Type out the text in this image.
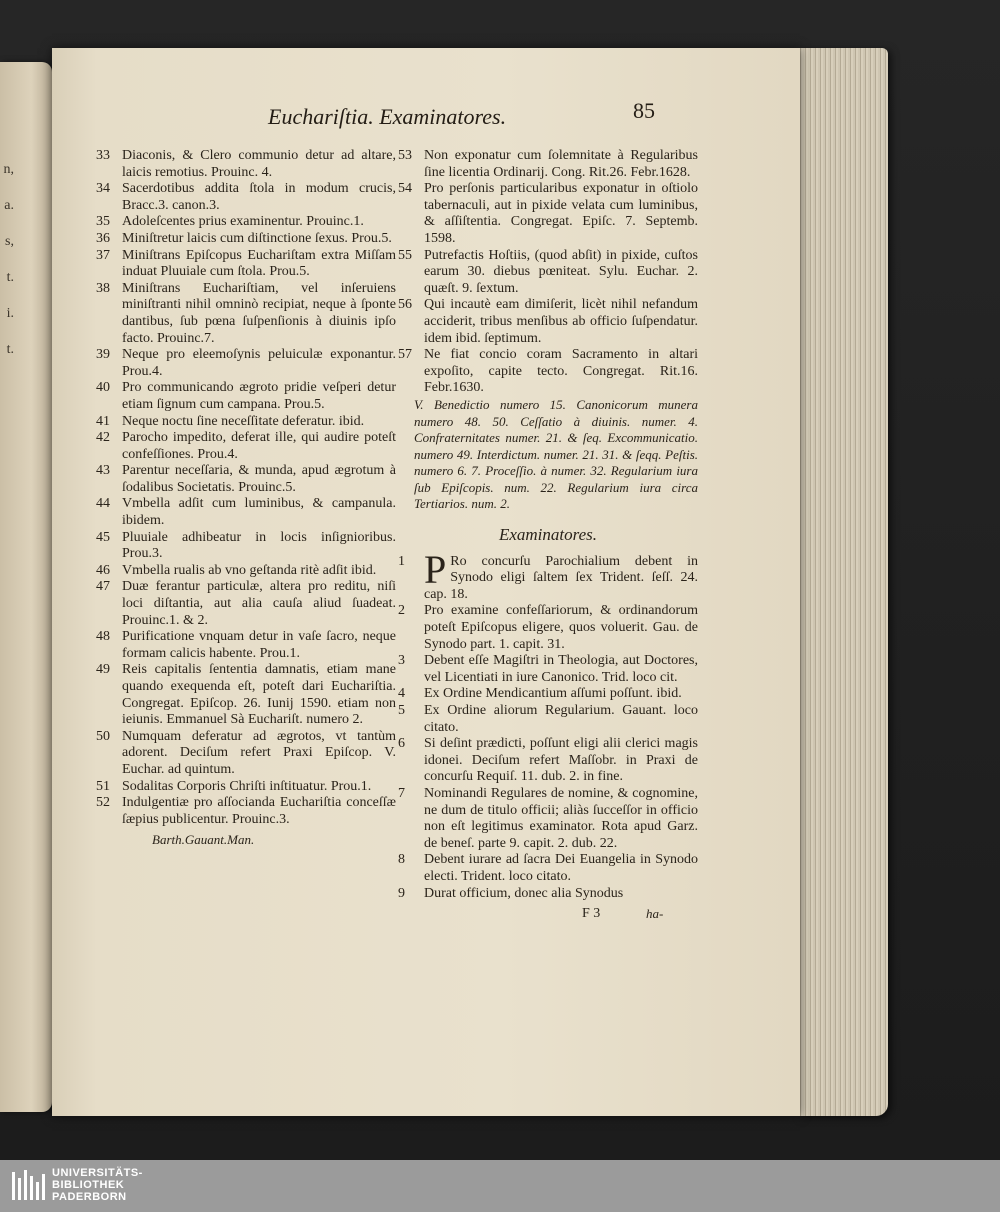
n,
a.
s,
t.
i.
t.
Euchariſtia. Examinatores.	85
33 Diaconis, & Clero communio detur ad altare, laicis remotius. Prouinc. 4.
34 Sacerdotibus addita ſtola in modum crucis, Bracc.3. canon.3.
35 Adoleſcentes prius examinentur. Prouinc.1.
36 Miniſtretur laicis cum diſtinctione ſexus. Prou.5.
37 Miniſtrans Epiſcopus Euchariſtam extra Miſſam induat Pluuiale cum ſtola. Prou.5.
38 Miniſtrans Euchariſtiam, vel inſeruiens miniſtranti nihil omninò recipiat, neque à ſponte dantibus, ſub pœna ſuſpenſionis à diuinis ipſo facto. Prouinc.7.
39 Neque pro eleemoſynis peluiculæ exponantur. Prou.4.
40 Pro communicando ægroto pridie veſperi detur etiam ſignum cum campana. Prou.5.
41 Neque noctu ſine neceſſitate deferatur. ibid.
42 Parocho impedito, deferat ille, qui audire poteſt confeſſiones. Prou.4.
43 Parentur neceſſaria, & munda, apud ægrotum à ſodalibus Societatis. Prouinc.5.
44 Vmbella adſit cum luminibus, & campanula. ibidem.
45 Pluuiale adhibeatur in locis inſignioribus. Prou.3.
46 Vmbella rualis ab vno geſtanda ritè adſit ibid.
47 Duæ ferantur particulæ, altera pro reditu, niſi loci diſtantia, aut alia cauſa aliud ſuadeat. Prouinc.1. & 2.
48 Purificatione vnquam detur in vaſe ſacro, neque formam calicis habente. Prou.1.
49 Reis capitalis ſententia damnatis, etiam mane quando exequenda eſt, poteſt dari Euchariſtia. Congregat. Epiſcop. 26. Iunij 1590. etiam non ieiunis. Emmanuel Sà Euchariſt. numero 2.
50 Numquam deferatur ad ægrotos, vt tantùm adorent. Deciſum refert Praxi Epiſcop. V. Euchar. ad quintum.
51 Sodalitas Corporis Chriſti inſtituatur. Prou.1.
52 Indulgentiæ pro aſſocianda Euchariſtia conceſſæ ſæpius publicentur. Prouinc.3.
Barth.Gauant.Man.
53 Non exponatur cum ſolemnitate à Regularibus ſine licentia Ordinarij. Cong. Rit.26. Febr.1628.
54 Pro perſonis particularibus exponatur in oſtiolo tabernaculi, aut in pixide velata cum luminibus, & aſſiſtentia. Congregat. Epiſc. 7. Septemb. 1598.
55 Putrefactis Hoſtiis, (quod abſit) in pixide, cuſtos earum 30. diebus pœniteat. Sylu. Euchar. 2. quæſt. 9. ſextum.
56 Qui incautè eam dimiſerit, licèt nihil nefandum acciderit, tribus menſibus ab officio ſuſpendatur. idem ibid. ſeptimum.
57 Ne fiat concio coram Sacramento in altari expoſito, capite tecto. Congregat. Rit.16. Febr.1630.
V. Benedictio numero 15. Canonicorum munera numero 48. 50. Ceſſatio à diuinis. numer. 4. Confraternitates numer. 21. & ſeq. Excommunicatio. numero 49. Interdictum. numer. 21. 31. & ſeqq. Peſtis. numero 6. 7. Proceſſio. à numer. 32. Regularium iura ſub Epiſcopis. num. 22. Regularium iura circa Tertiarios. num. 2.
Examinatores.
1 P Ro concurſu Parochialium debent in Synodo eligi ſaltem ſex Trident. ſeſſ. 24. cap. 18.
2	Pro examine confeſſariorum, & ordinandorum poteſt Epiſcopus eligere, quos voluerit. Gau. de Synodo part. 1. capit. 31.
3	Debent eſſe Magiſtri in Theologia, aut Doctores, vel Licentiati in iure Canonico. Trid. loco cit.
4	Ex Ordine Mendicantium aſſumi poſſunt. ibid.
5	Ex Ordine aliorum Regularium. Gauant. loco citato.
6	Si deſint prædicti, poſſunt eligi alii clerici magis idonei. Deciſum refert Maſſobr. in Praxi de concurſu Requiſ. 11. dub. 2. in fine.
7	Nominandi Regulares de nomine, & cognomine, ne dum de titulo officii; aliàs ſucceſſor in officio non eſt legitimus examinator. Rota apud Garz. de beneſ. parte 9. capit. 2. dub. 22.
8	Debent iurare ad ſacra Dei Euangelia in Synodo electi. Trident. loco citato.
9	Durat officium, donec alia Synodus
F 3	ha-
UNIVERSITÄTS-
BIBLIOTHEK
PADERBORN
